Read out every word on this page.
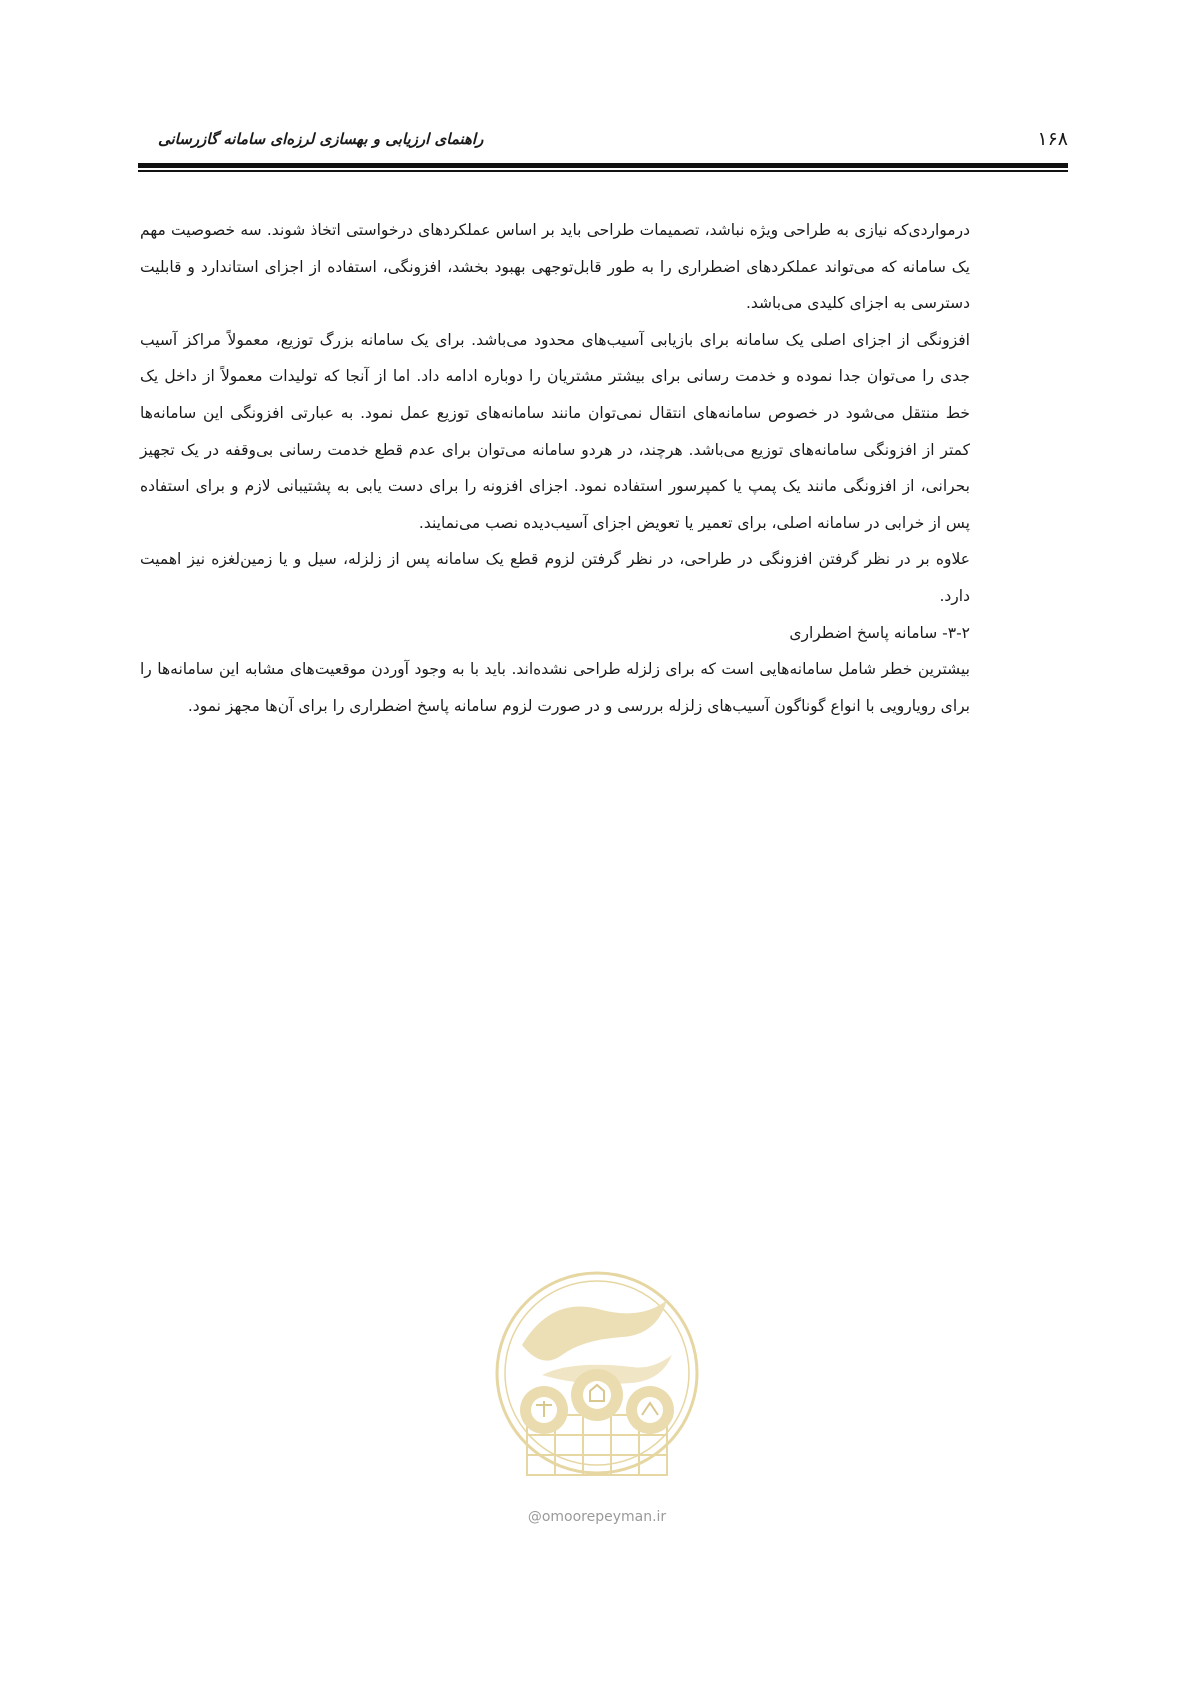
۱۶۸
راهنمای ارزیابی و بهسازی لرزه‌ای سامانه گازرسانی

درمواردی‌که نیازی به طراحی ویژه نباشد، تصمیمات طراحی باید بر اساس عملکردهای درخواستی اتخاذ شوند. سه خصوصیت مهم یک سامانه که می‌تواند عملکردهای اضطراری را به طور قابل‌توجهی بهبود بخشد، افزونگی، استفاده از اجزای استاندارد و قابلیت دسترسی به اجزای کلیدی می‌باشد.

افزونگی از اجزای اصلی یک سامانه برای بازیابی آسیب‌های محدود می‌باشد. برای یک سامانه بزرگ توزیع، معمولاً مراکز آسیب جدی را می‌توان جدا نموده و خدمت رسانی برای بیشتر مشتریان را دوباره ادامه داد. اما از آنجا که تولیدات معمولاً از داخل یک خط منتقل می‌شود در خصوص سامانه‌های انتقال نمی‌توان مانند سامانه‌های توزیع عمل نمود. به عبارتی افزونگی این سامانه‌ها کمتر از افزونگی سامانه‌های توزیع می‌باشد. هرچند، در هردو سامانه می‌توان برای عدم قطع خدمت رسانی بی‌وقفه در یک تجهیز بحرانی، از افزونگی مانند یک پمپ یا کمپرسور استفاده نمود. اجزای افزونه را برای دست یابی به پشتیبانی لازم و برای استفاده پس از خرابی در سامانه اصلی، برای تعمیر یا تعویض اجزای آسیب‌دیده نصب می‌نمایند.

علاوه بر در نظر گرفتن افزونگی در طراحی، در نظر گرفتن لزوم قطع یک سامانه پس از زلزله، سیل و یا زمین‌لغزه نیز اهمیت دارد.

۳-۲- سامانه پاسخ اضطراری

بیشترین خطر شامل سامانه‌هایی است که برای زلزله طراحی نشده‌اند. باید با به وجود آوردن موقعیت‌های مشابه این سامانه‌ها را برای رویارویی با انواع گوناگون آسیب‌های زلزله بررسی و در صورت لزوم سامانه پاسخ اضطراری را برای آن‌ها مجهز نمود.

@omoorepeyman.ir
